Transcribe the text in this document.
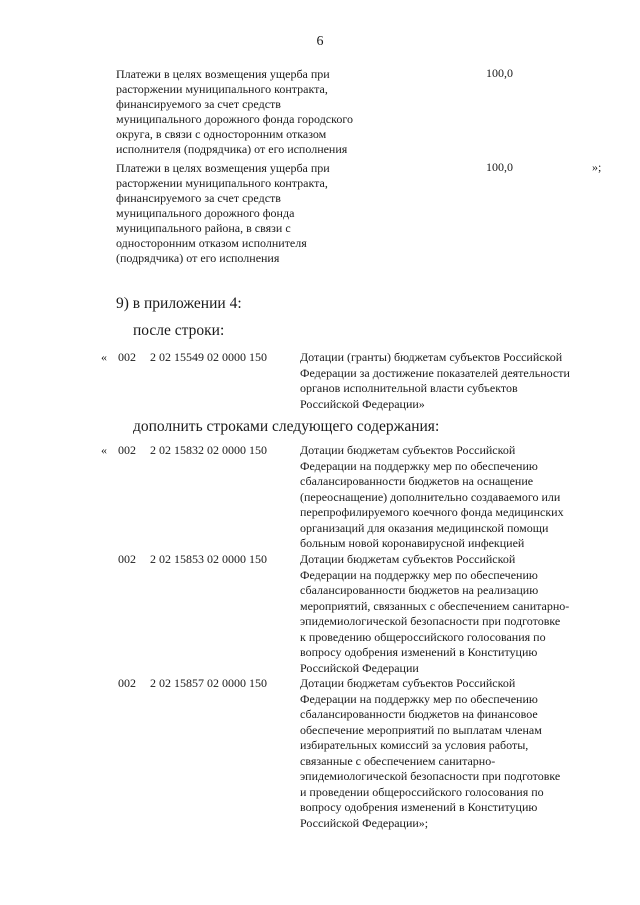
6
Платежи в целях возмещения ущерба при
расторжении муниципального контракта,
финансируемого за счет средств
муниципального дорожного фонда городского
округа, в связи с односторонним отказом
исполнителя (подрядчика) от его исполнения
100,0
Платежи в целях возмещения ущерба при
расторжении муниципального контракта,
финансируемого за счет средств
муниципального дорожного фонда
муниципального района, в связи с
односторонним отказом исполнителя
(подрядчика) от его исполнения
100,0	»;
9) в приложении 4:
после строки:
« 002 2 02 15549 02 0000 150	Дотации (гранты) бюджетам субъектов Российской
Федерации за достижение показателей деятельности
органов исполнительной власти субъектов
Российской Федерации»
дополнить строками следующего содержания:
« 002 2 02 15832 02 0000 150	Дотации бюджетам субъектов Российской
Федерации на поддержку мер по обеспечению
сбалансированности бюджетов на оснащение
(переоснащение) дополнительно создаваемого или
перепрофилируемого коечного фонда медицинских
организаций для оказания медицинской помощи
больным новой коронавирусной инфекцией
002 2 02 15853 02 0000 150	Дотации бюджетам субъектов Российской
Федерации на поддержку мер по обеспечению
сбалансированности бюджетов на реализацию
мероприятий, связанных с обеспечением санитарно-
эпидемиологической безопасности при подготовке
к проведению общероссийского голосования по
вопросу одобрения изменений в Конституцию
Российской Федерации
002 2 02 15857 02 0000 150	Дотации бюджетам субъектов Российской
Федерации на поддержку мер по обеспечению
сбалансированности бюджетов на финансовое
обеспечение мероприятий по выплатам членам
избирательных комиссий за условия работы,
связанные с обеспечением санитарно-
эпидемиологической безопасности при подготовке
и проведении общероссийского голосования по
вопросу одобрения изменений в Конституцию
Российской Федерации»;
